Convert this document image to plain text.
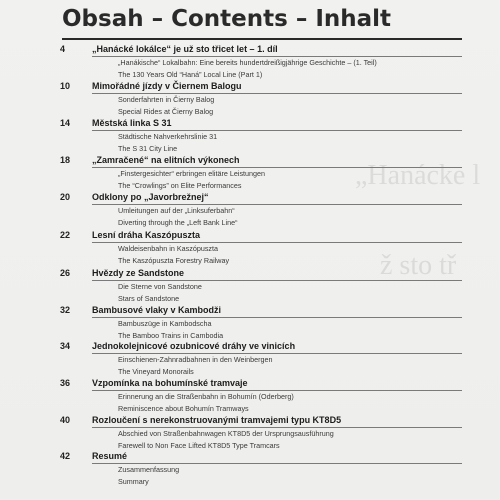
„Hanácke l
ž sto tř
Obsah – Contents – Inhalt
4	„Hanácké lokálce“ je už sto třicet let – 1. díl
„Hanákische“ Lokalbahn: Eine bereits hundertdreißigjährige Geschichte – (1. Teil)
The 130 Years Old “Haná” Local Line (Part 1)
10	Mimořádné jízdy v Čiernem Balogu
Sonderfahrten in Čierny Balog
Special Rides at Čierny Balog
14	Městská linka S 31
Städtische Nahverkehrslinie 31
The S 31 City Line
18	„Zamračené“ na elitních výkonech
„Finstergesichter“ erbringen elitäre Leistungen
The “Crowlings” on Elite Performances
20	Odklony po „Javorbrežnej“
Umleitungen auf der „Linksuferbahn“
Diverting through the „Left Bank Line“
22	Lesní dráha Kaszópuszta
Waldeisenbahn in Kaszópuszta
The Kaszópuszta Forestry Railway
26	Hvězdy ze Sandstone
Die Sterne von Sandstone
Stars of Sandstone
32	Bambusové vlaky v Kambodži
Bambuszüge in Kambodscha
The Bamboo Trains in Cambodia
34	Jednokolejnicové ozubnicové dráhy ve vinicích
Einschienen-Zahnradbahnen in den Weinbergen
The Vineyard Monorails
36	Vzpomínka na bohumínské tramvaje
Erinnerung an die Straßenbahn in Bohumín (Oderberg)
Reminiscence about Bohumín Tramways
40	Rozloučení s nerekonstruovanými tramvajemi typu KT8D5
Abschied von Straßenbahnwagen KT8D5 der Ursprungsausführung
Farewell to Non Face Lifted KT8D5 Type Tramcars
42	Resumé
Zusammenfassung
Summary
